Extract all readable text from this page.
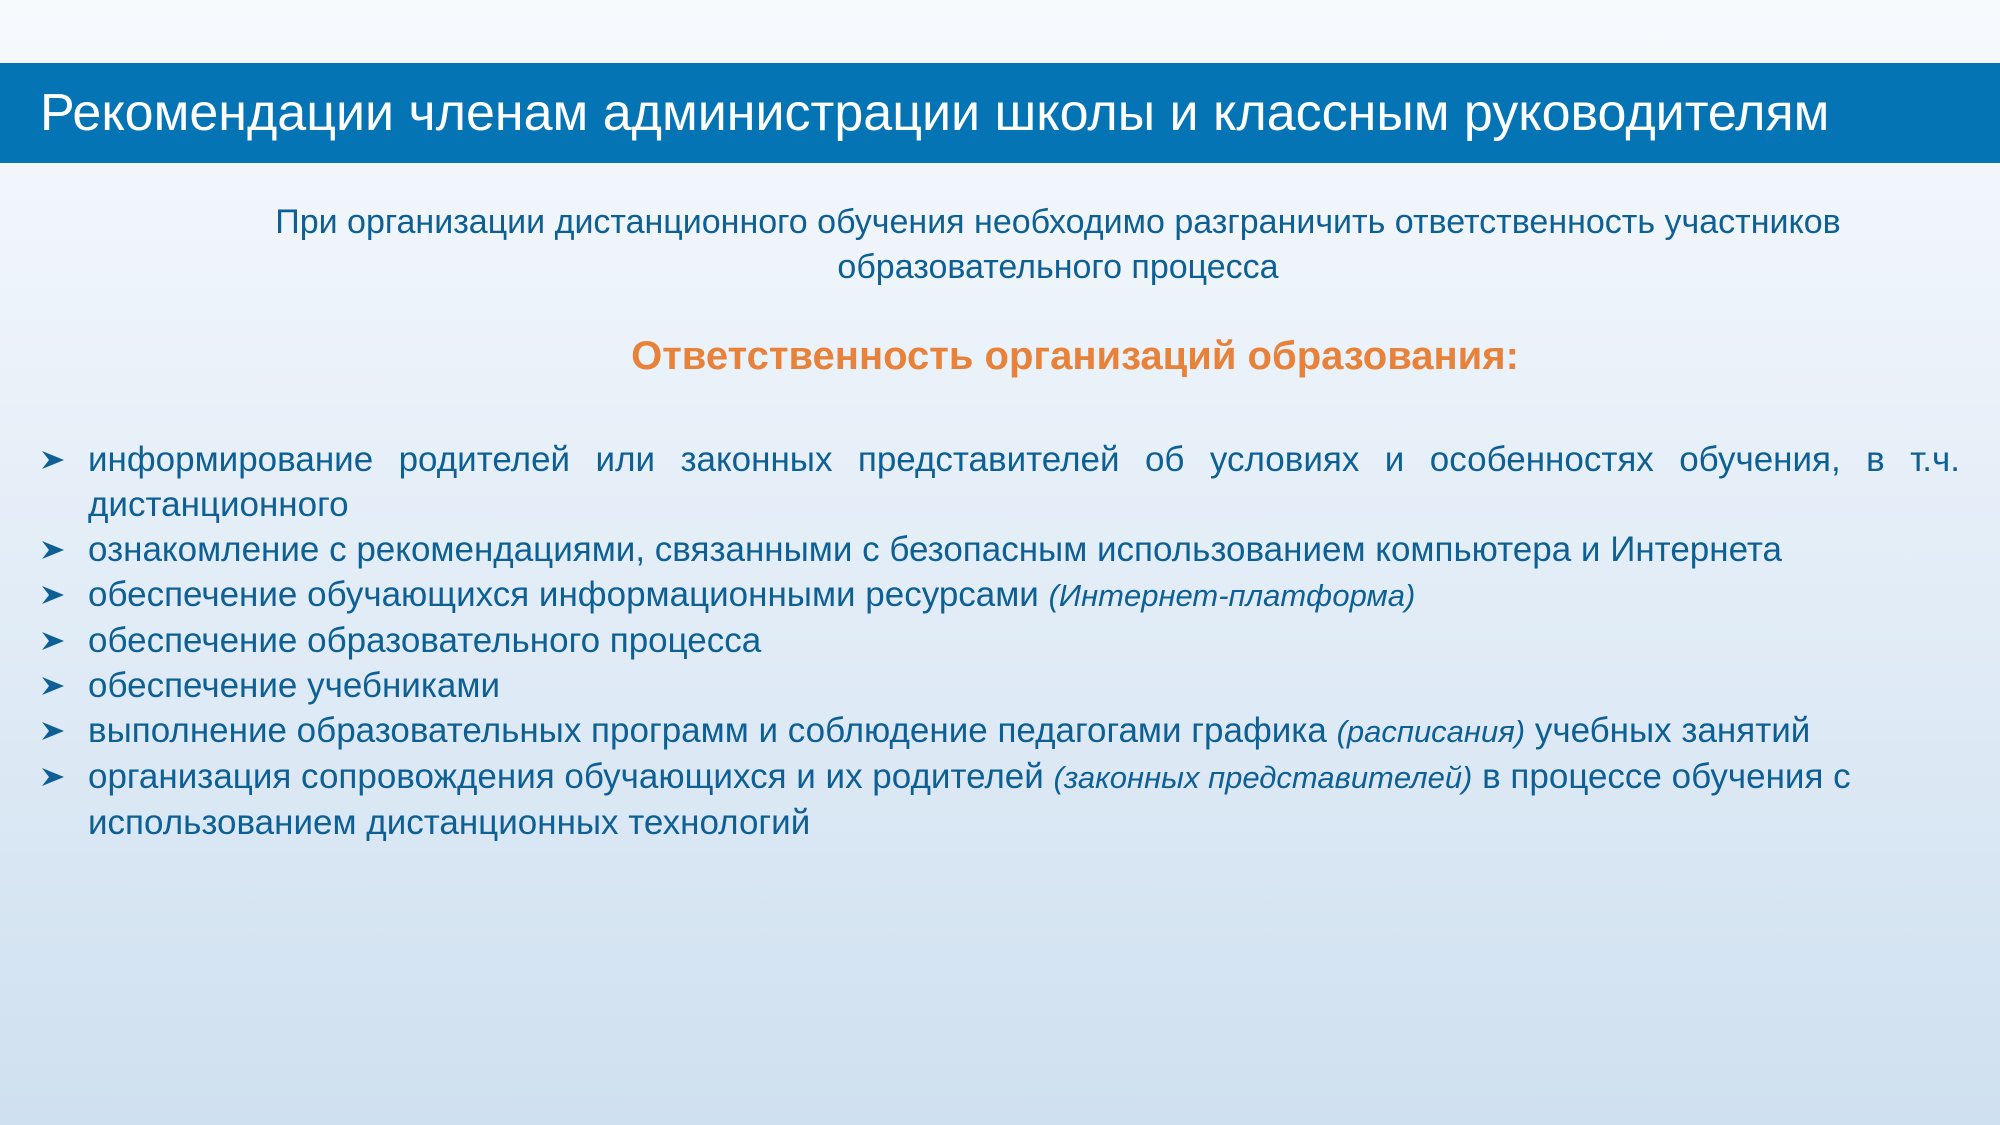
Рекомендации членам администрации школы и классным руководителям
При организации дистанционного обучения необходимо разграничить ответственность участников образовательного процесса
Ответственность организаций образования:
информирование родителей или законных представителей об условиях и особенностях обучения, в т.ч. дистанционного
ознакомление с рекомендациями, связанными с безопасным использованием компьютера и Интернета
обеспечение обучающихся информационными ресурсами (Интернет-платформа)
обеспечение образовательного процесса
обеспечение учебниками
выполнение образовательных программ и соблюдение педагогами графика (расписания) учебных занятий
организация сопровождения обучающихся и их родителей (законных представителей) в процессе обучения с использованием дистанционных технологий
